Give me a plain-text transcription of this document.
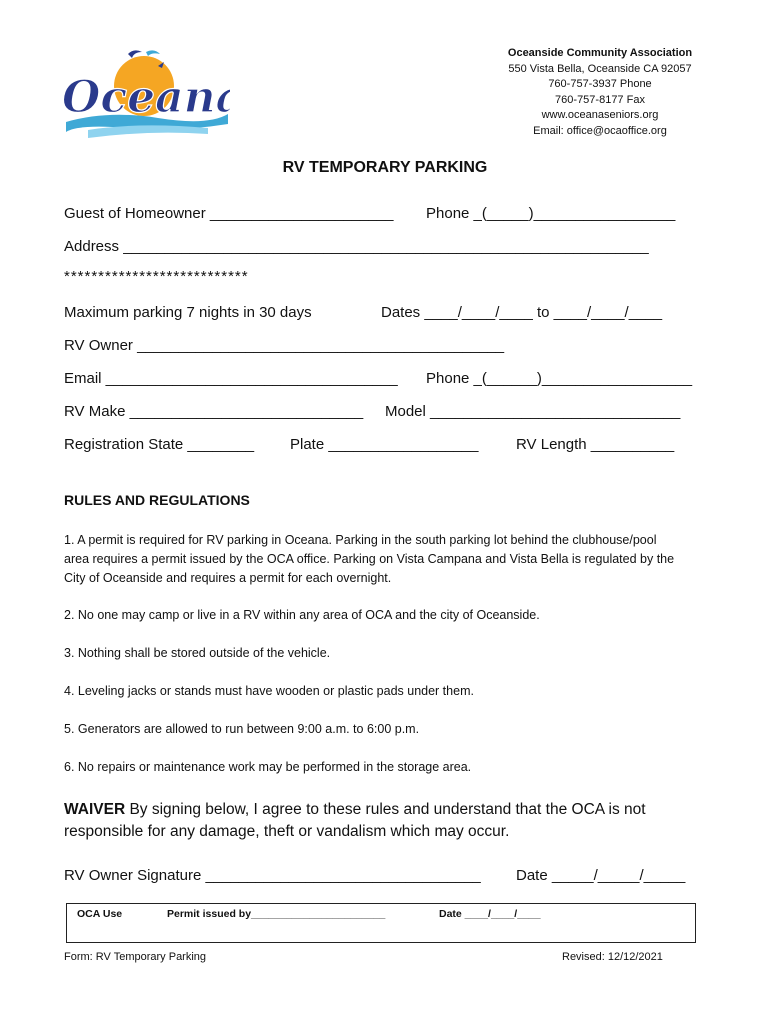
Oceana
Oceanside Community Association
550 Vista Bella, Oceanside CA 92057
760-757-3937 Phone
760-757-8177 Fax
www.oceanaseniors.org
Email: office@ocaoffice.org
RV TEMPORARY PARKING
Guest of Homeowner ______________________ Phone _(_____)_________________
Address _______________________________________________________________
***************************
Maximum parking 7 nights in 30 days	Dates ____/____/____ to ____/____/____
RV Owner ____________________________________________
Email ___________________________________ Phone _(______)__________________
RV Make ____________________________ Model ______________________________
Registration State ________ Plate __________________ RV Length __________
RULES AND REGULATIONS
1. A permit is required for RV parking in Oceana. Parking in the south parking lot behind the clubhouse/pool area requires a permit issued by the OCA office. Parking on Vista Campana and Vista Bella is regulated by the City of Oceanside and requires a permit for each overnight.
2. No one may camp or live in a RV within any area of OCA and the city of Oceanside.
3. Nothing shall be stored outside of the vehicle.
4. Leveling jacks or stands must have wooden or plastic pads under them.
5. Generators are allowed to run between 9:00 a.m. to 6:00 p.m.
6. No repairs or maintenance work may be performed in the storage area.
WAIVER By signing below, I agree to these rules and understand that the OCA is not responsible for any damage, theft or vandalism which may occur.
RV Owner Signature _________________________________ Date _____/_____/_____
OCA Use	Permit issued by_______________________	Date ____/____/____
Form: RV Temporary Parking	Revised: 12/12/2021
